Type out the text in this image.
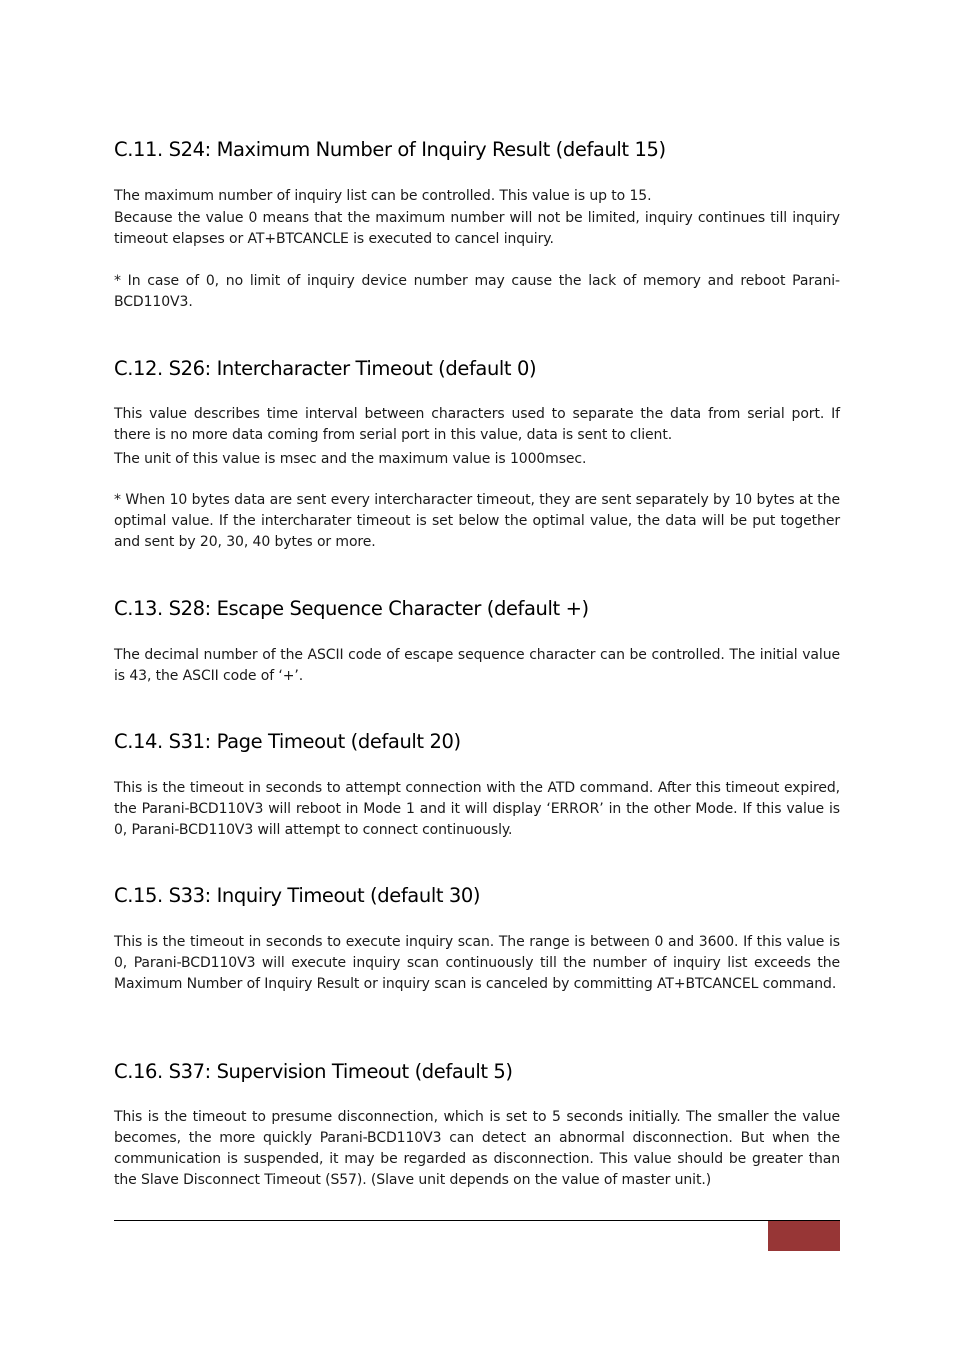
C.11. S24: Maximum Number of Inquiry Result (default 15)

The maximum number of inquiry list can be controlled. This value is up to 15.

Because the value 0 means that the maximum number will not be limited, inquiry continues till inquiry timeout elapses or AT+BTCANCLE is executed to cancel inquiry.

* In case of 0, no limit of inquiry device number may cause the lack of memory and reboot Parani-BCD110V3.

C.12. S26: Intercharacter Timeout (default 0)

This value describes time interval between characters used to separate the data from serial port. If there is no more data coming from serial port in this value, data is sent to client.

The unit of this value is msec and the maximum value is 1000msec.

* When 10 bytes data are sent every intercharacter timeout, they are sent separately by 10 bytes at the optimal value. If the intercharater timeout is set below the optimal value, the data will be put together and sent by 20, 30, 40 bytes or more.

C.13. S28: Escape Sequence Character (default +)

The decimal number of the ASCII code of escape sequence character can be controlled. The initial value is 43, the ASCII code of ‘+’.

C.14. S31: Page Timeout (default 20)

This is the timeout in seconds to attempt connection with the ATD command. After this timeout expired, the Parani-BCD110V3 will reboot in Mode 1 and it will display ‘ERROR’ in the other Mode. If this value is 0, Parani-BCD110V3 will attempt to connect continuously.

C.15. S33: Inquiry Timeout (default 30)

This is the timeout in seconds to execute inquiry scan. The range is between 0 and 3600. If this value is 0, Parani-BCD110V3 will execute inquiry scan continuously till the number of inquiry list exceeds the Maximum Number of Inquiry Result or inquiry scan is canceled by committing AT+BTCANCEL command.

C.16. S37: Supervision Timeout (default 5)

This is the timeout to presume disconnection, which is set to 5 seconds initially. The smaller the value becomes, the more quickly Parani-BCD110V3 can detect an abnormal disconnection. But when the communication is suspended, it may be regarded as disconnection. This value should be greater than the Slave Disconnect Timeout (S57). (Slave unit depends on the value of master unit.)
